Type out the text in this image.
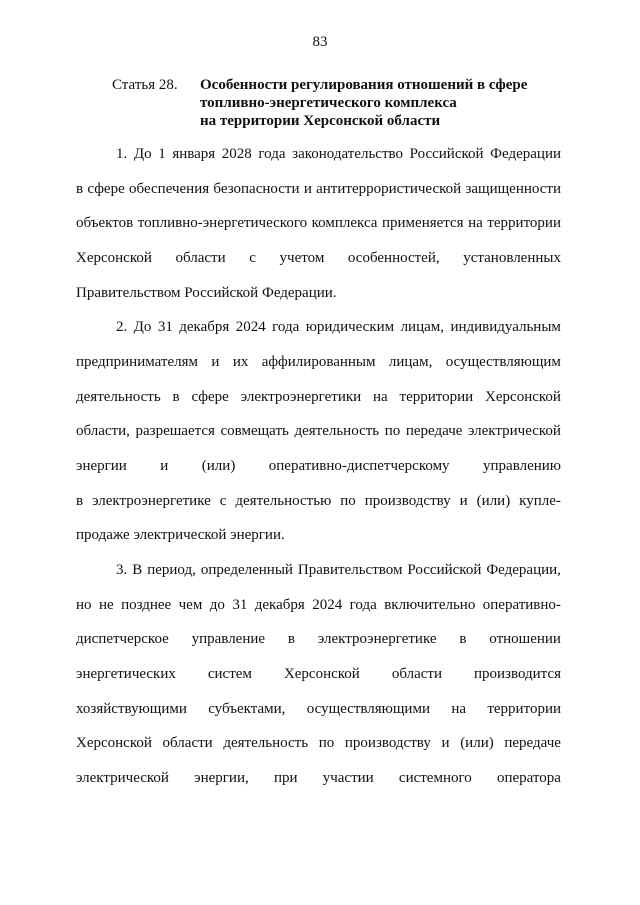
83
Статья 28. Особенности регулирования отношений в сфере
топливно-энергетического комплекса
на территории Херсонской области
1. До 1 января 2028 года законодательство Российской Федерации
в сфере обеспечения безопасности и антитеррористической защищенности
объектов топливно-энергетического комплекса применяется на территории
Херсонской области с учетом особенностей, установленных
Правительством Российской Федерации.
2. До 31 декабря 2024 года юридическим лицам, индивидуальным
предпринимателям и их аффилированным лицам, осуществляющим
деятельность в сфере электроэнергетики на территории Херсонской
области, разрешается совмещать деятельность по передаче электрической
энергии и (или) оперативно-диспетчерскому управлению
в электроэнергетике с деятельностью по производству и (или) купле-
продаже электрической энергии.
3. В период, определенный Правительством Российской Федерации,
но не позднее чем до 31 декабря 2024 года включительно оперативно-
диспетчерское управление в электроэнергетике в отношении
энергетических систем Херсонской области производится
хозяйствующими субъектами, осуществляющими на территории
Херсонской области деятельность по производству и (или) передаче
электрической энергии, при участии системного оператора
